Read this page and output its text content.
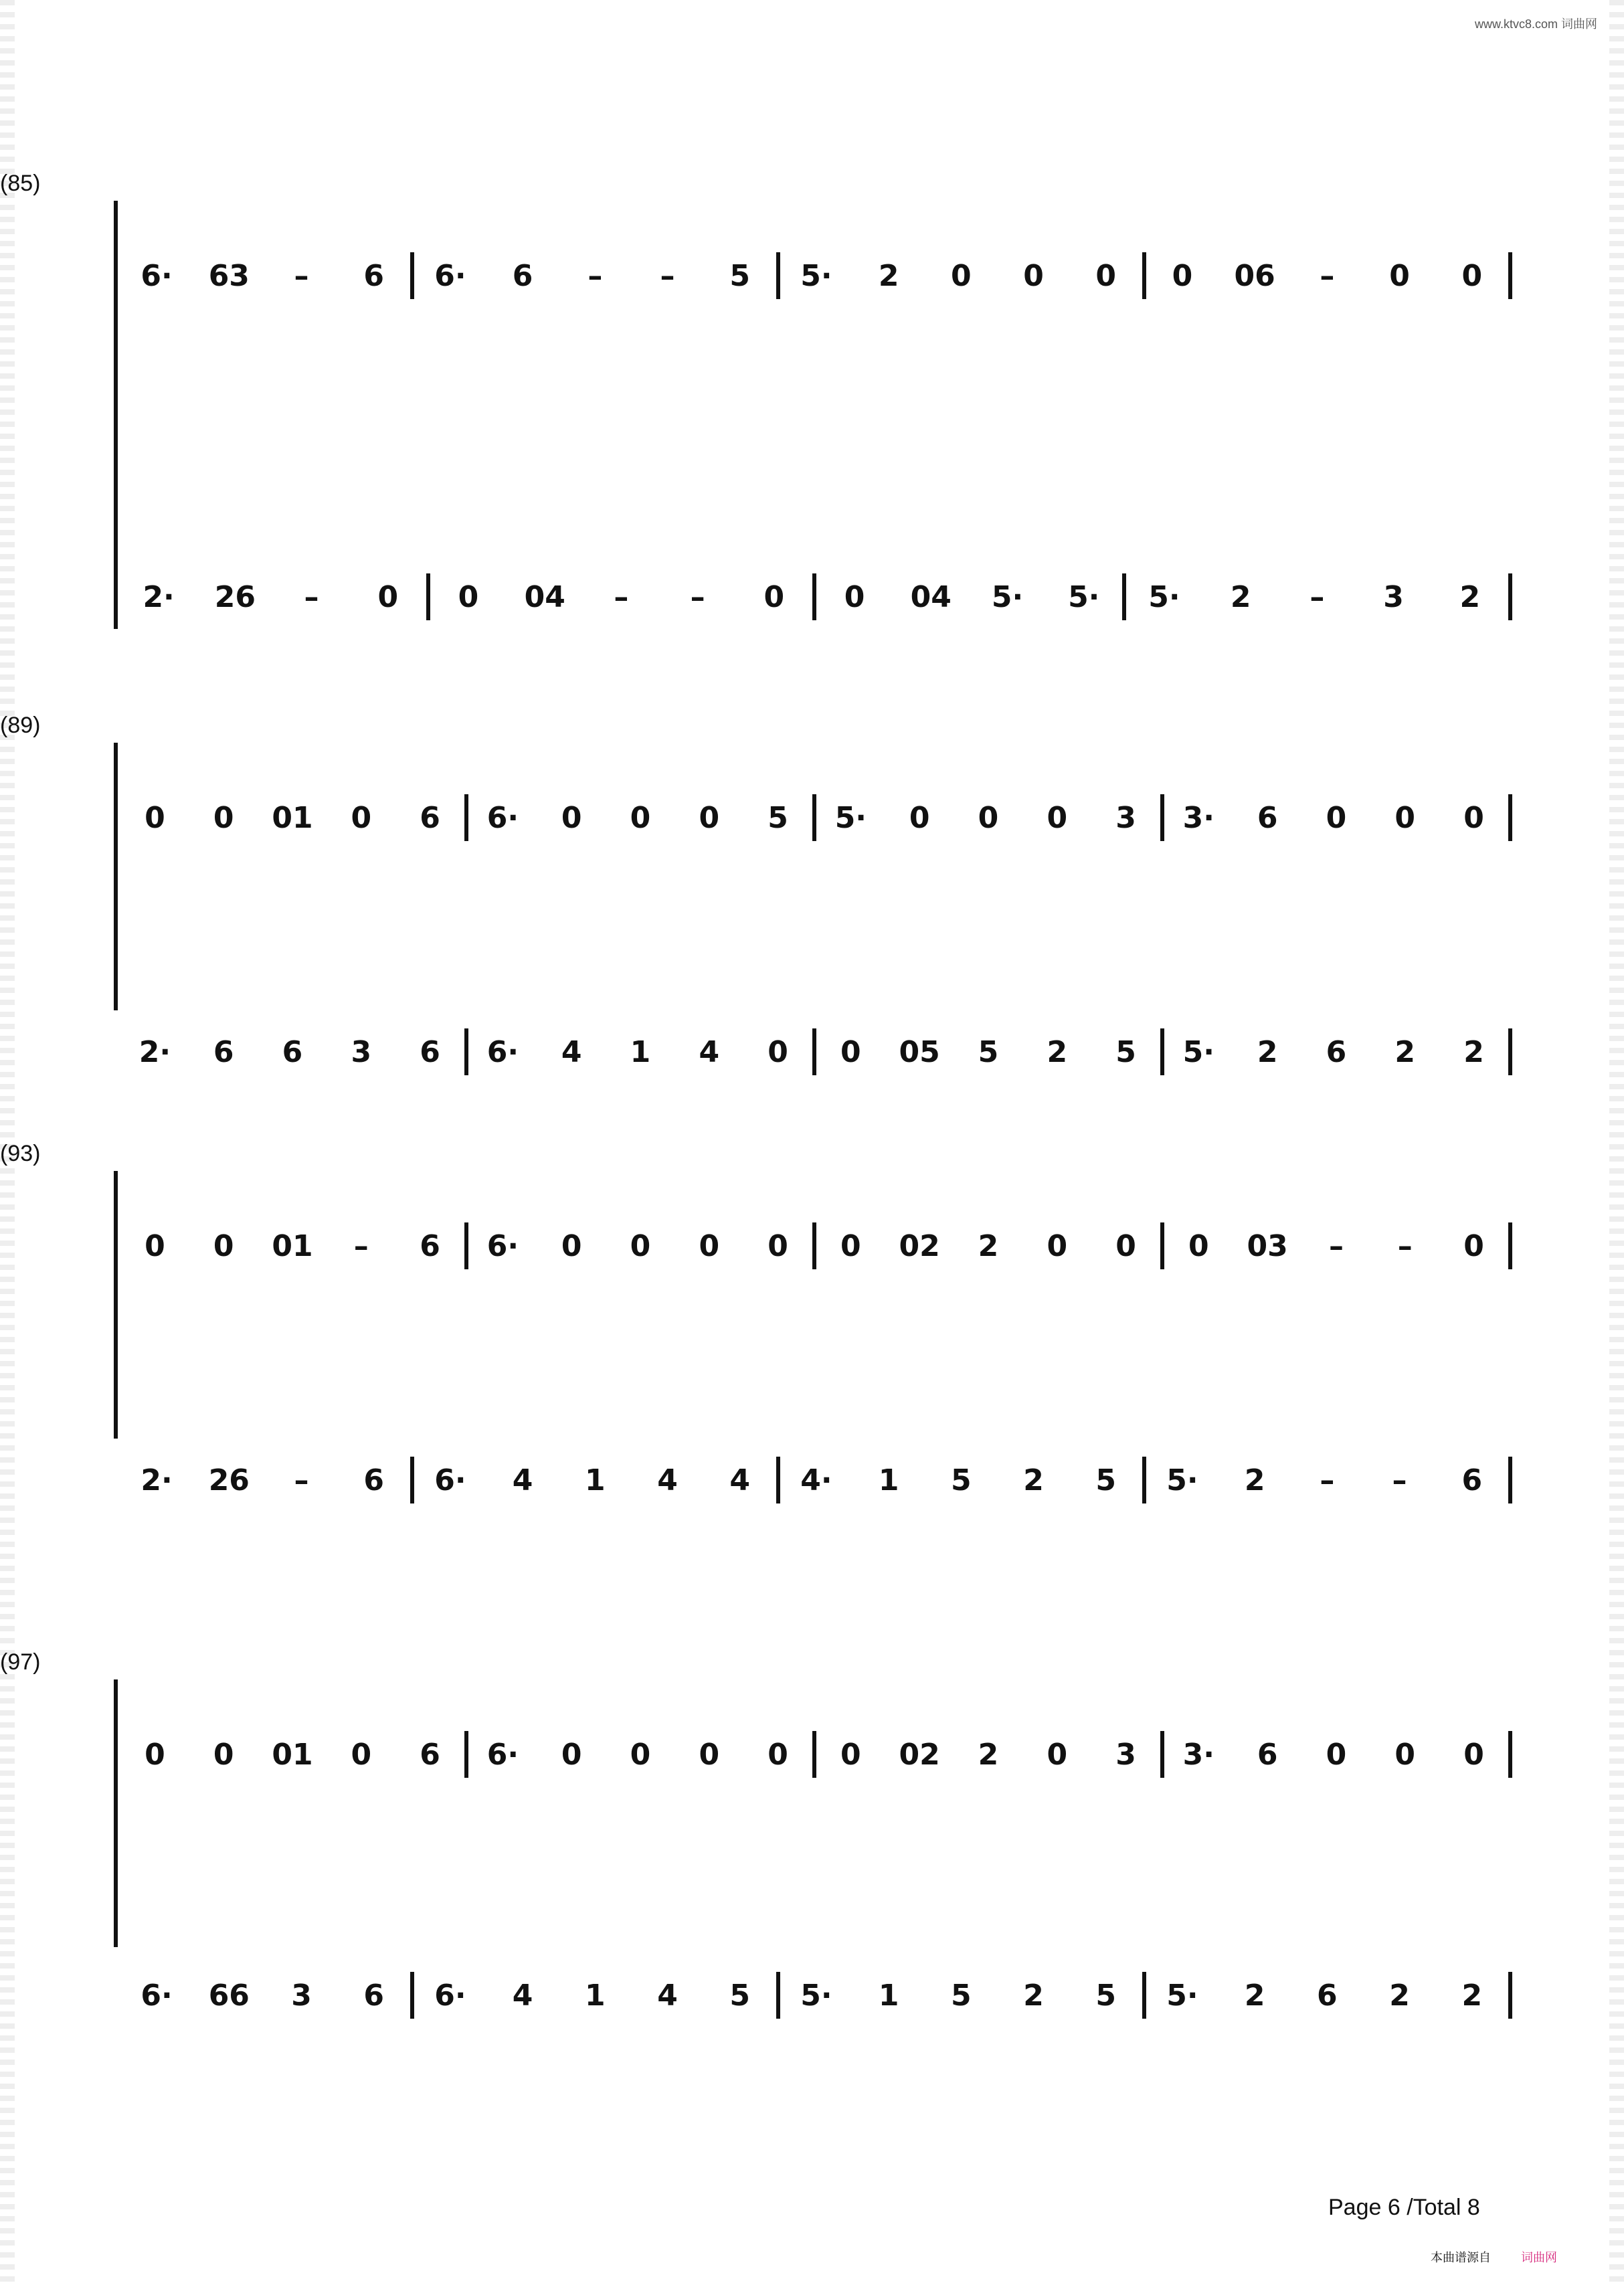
www.ktvc8.com 词曲网
(85)
6·	63	–	6	6·	6	–	–	5	5·	2	0	0	0	0	06	–	0	0
2·	26	–	0	0	04	–	–	0	0	04	5·	5·	5·	2	–	3	2
(89)
0	0	01	0	6	6·	0	0	0	5	5·	0	0	0	3	3·	6	0	0	0
2·	6	6	3	6	6·	4	1	4	0	0	05	5	2	5	5·	2	6	2	2
(93)
0	0	01	–	6	6·	0	0	0	0	0	02	2	0	0	0	03	–	–	0
2·	26	–	6	6·	4	1	4	4	4·	1	5	2	5	5·	2	–	–	6
(97)
0	0	01	0	6	6·	0	0	0	0	0	02	2	0	3	3·	6	0	0	0
6·	66	3	6	6·	4	1	4	5	5·	1	5	2	5	5·	2	6	2	2
Page 6 /Total 8
本曲谱源自	词曲网
